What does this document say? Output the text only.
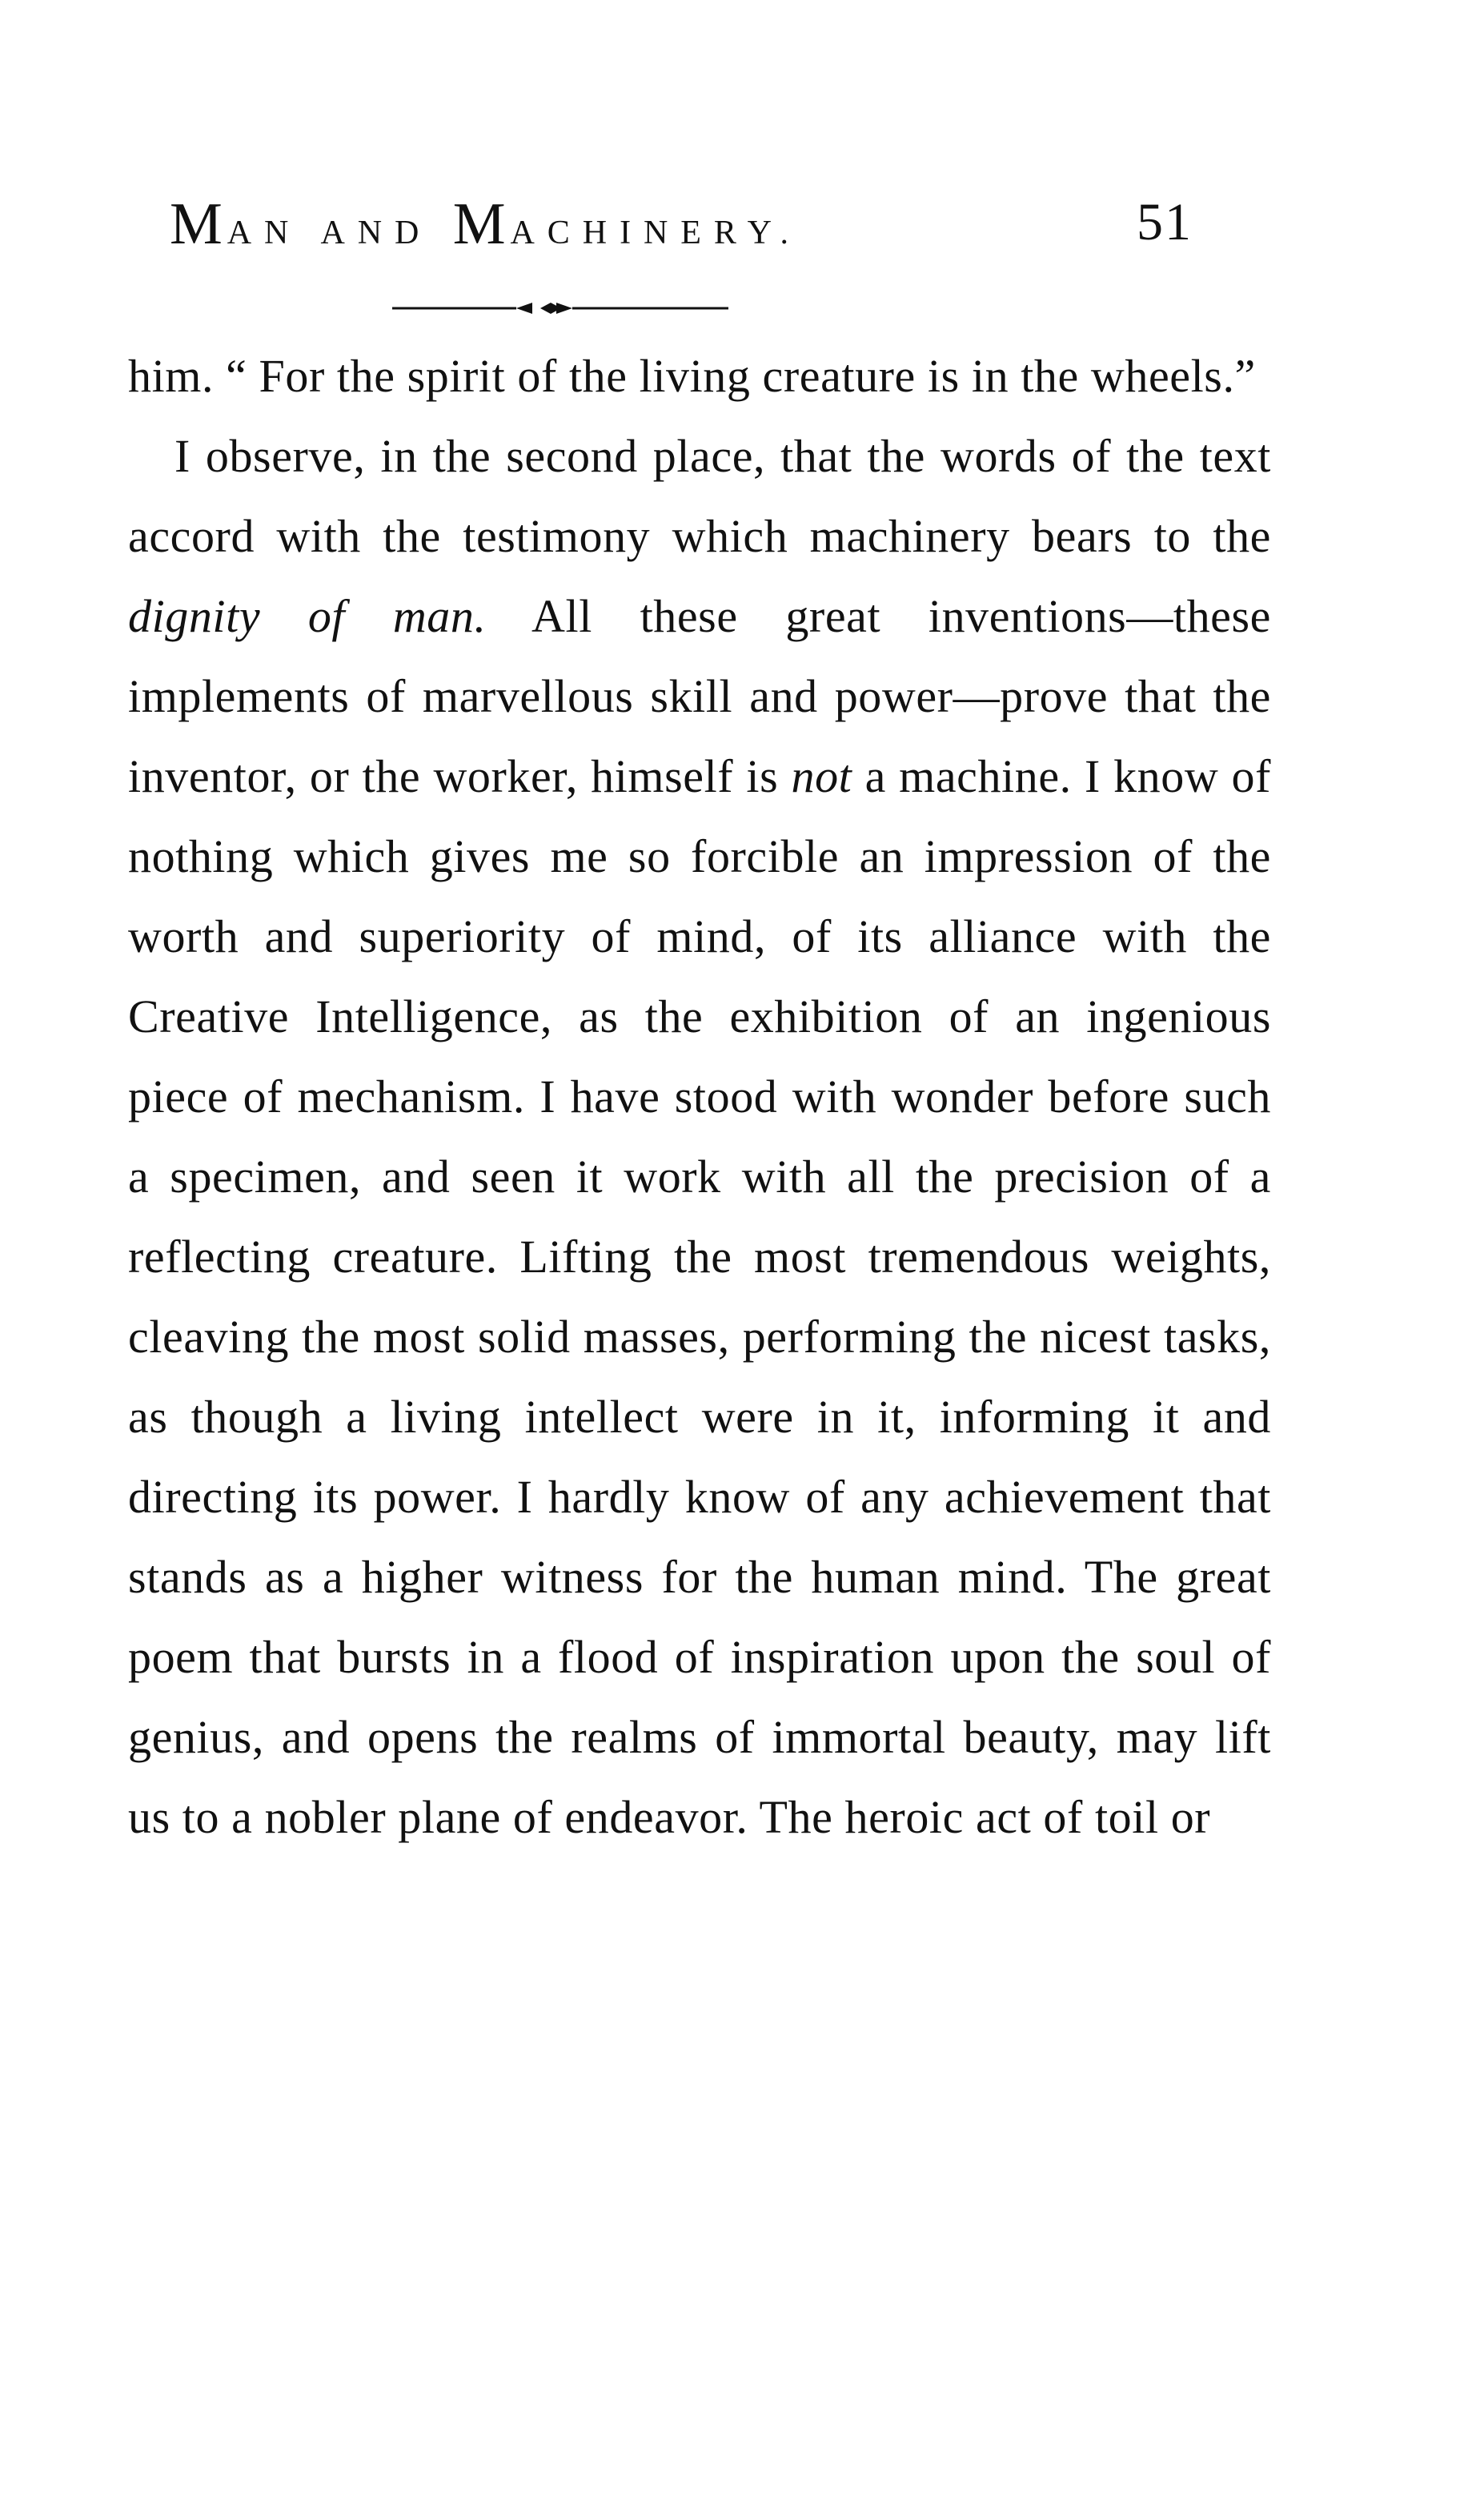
MAN AND MACHINERY.	51

him. “ For the spirit of the living creature is in the wheels.”

I observe, in the second place, that the words of the text accord with the testimony which machinery bears to the dignity of man. All these great inventions—these implements of marvellous skill and power—prove that the inventor, or the worker, himself is not a machine. I know of nothing which gives me so forcible an impression of the worth and superiority of mind, of its alliance with the Creative Intelligence, as the exhibition of an ingenious piece of mechanism. I have stood with wonder before such a specimen, and seen it work with all the precision of a reflecting creature. Lifting the most tremendous weights, cleaving the most solid masses, performing the nicest tasks, as though a living intellect were in it, informing it and directing its power. I hardly know of any achievement that stands as a higher witness for the human mind. The great poem that bursts in a flood of inspiration upon the soul of genius, and opens the realms of immortal beauty, may lift us to a nobler plane of endeavor. The heroic act of toil or
